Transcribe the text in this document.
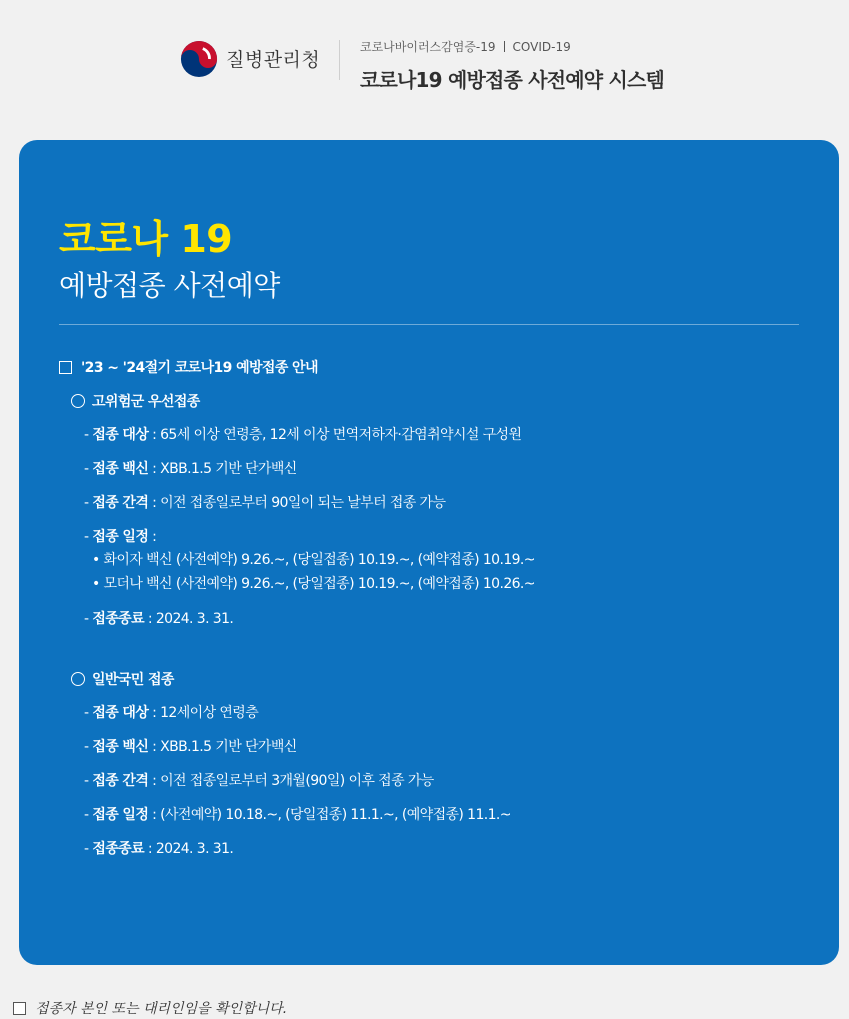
질병관리청
코로나바이러스감염증-19 COVID-19
코로나19 예방접종 사전예약 시스템
코로나 19
예방접종 사전예약
'23 ~ '24절기 코로나19 예방접종 안내
고위험군 우선접종
- 접종 대상 : 65세 이상 연령층, 12세 이상 면역저하자·감염취약시설 구성원
- 접종 백신 : XBB.1.5 기반 단가백신
- 접종 간격 : 이전 접종일로부터 90일이 되는 날부터 접종 가능
- 접종 일정 :
• 화이자 백신 (사전예약) 9.26.~, (당일접종) 10.19.~, (예약접종) 10.19.~
• 모더나 백신 (사전예약) 9.26.~, (당일접종) 10.19.~, (예약접종) 10.26.~
- 접종종료 : 2024. 3. 31.
일반국민 접종
- 접종 대상 : 12세이상 연령층
- 접종 백신 : XBB.1.5 기반 단가백신
- 접종 간격 : 이전 접종일로부터 3개월(90일) 이후 접종 가능
- 접종 일정 : (사전예약) 10.18.~, (당일접종) 11.1.~, (예약접종) 11.1.~
- 접종종료 : 2024. 3. 31.
접종자 본인 또는 대리인임을 확인합니다.
